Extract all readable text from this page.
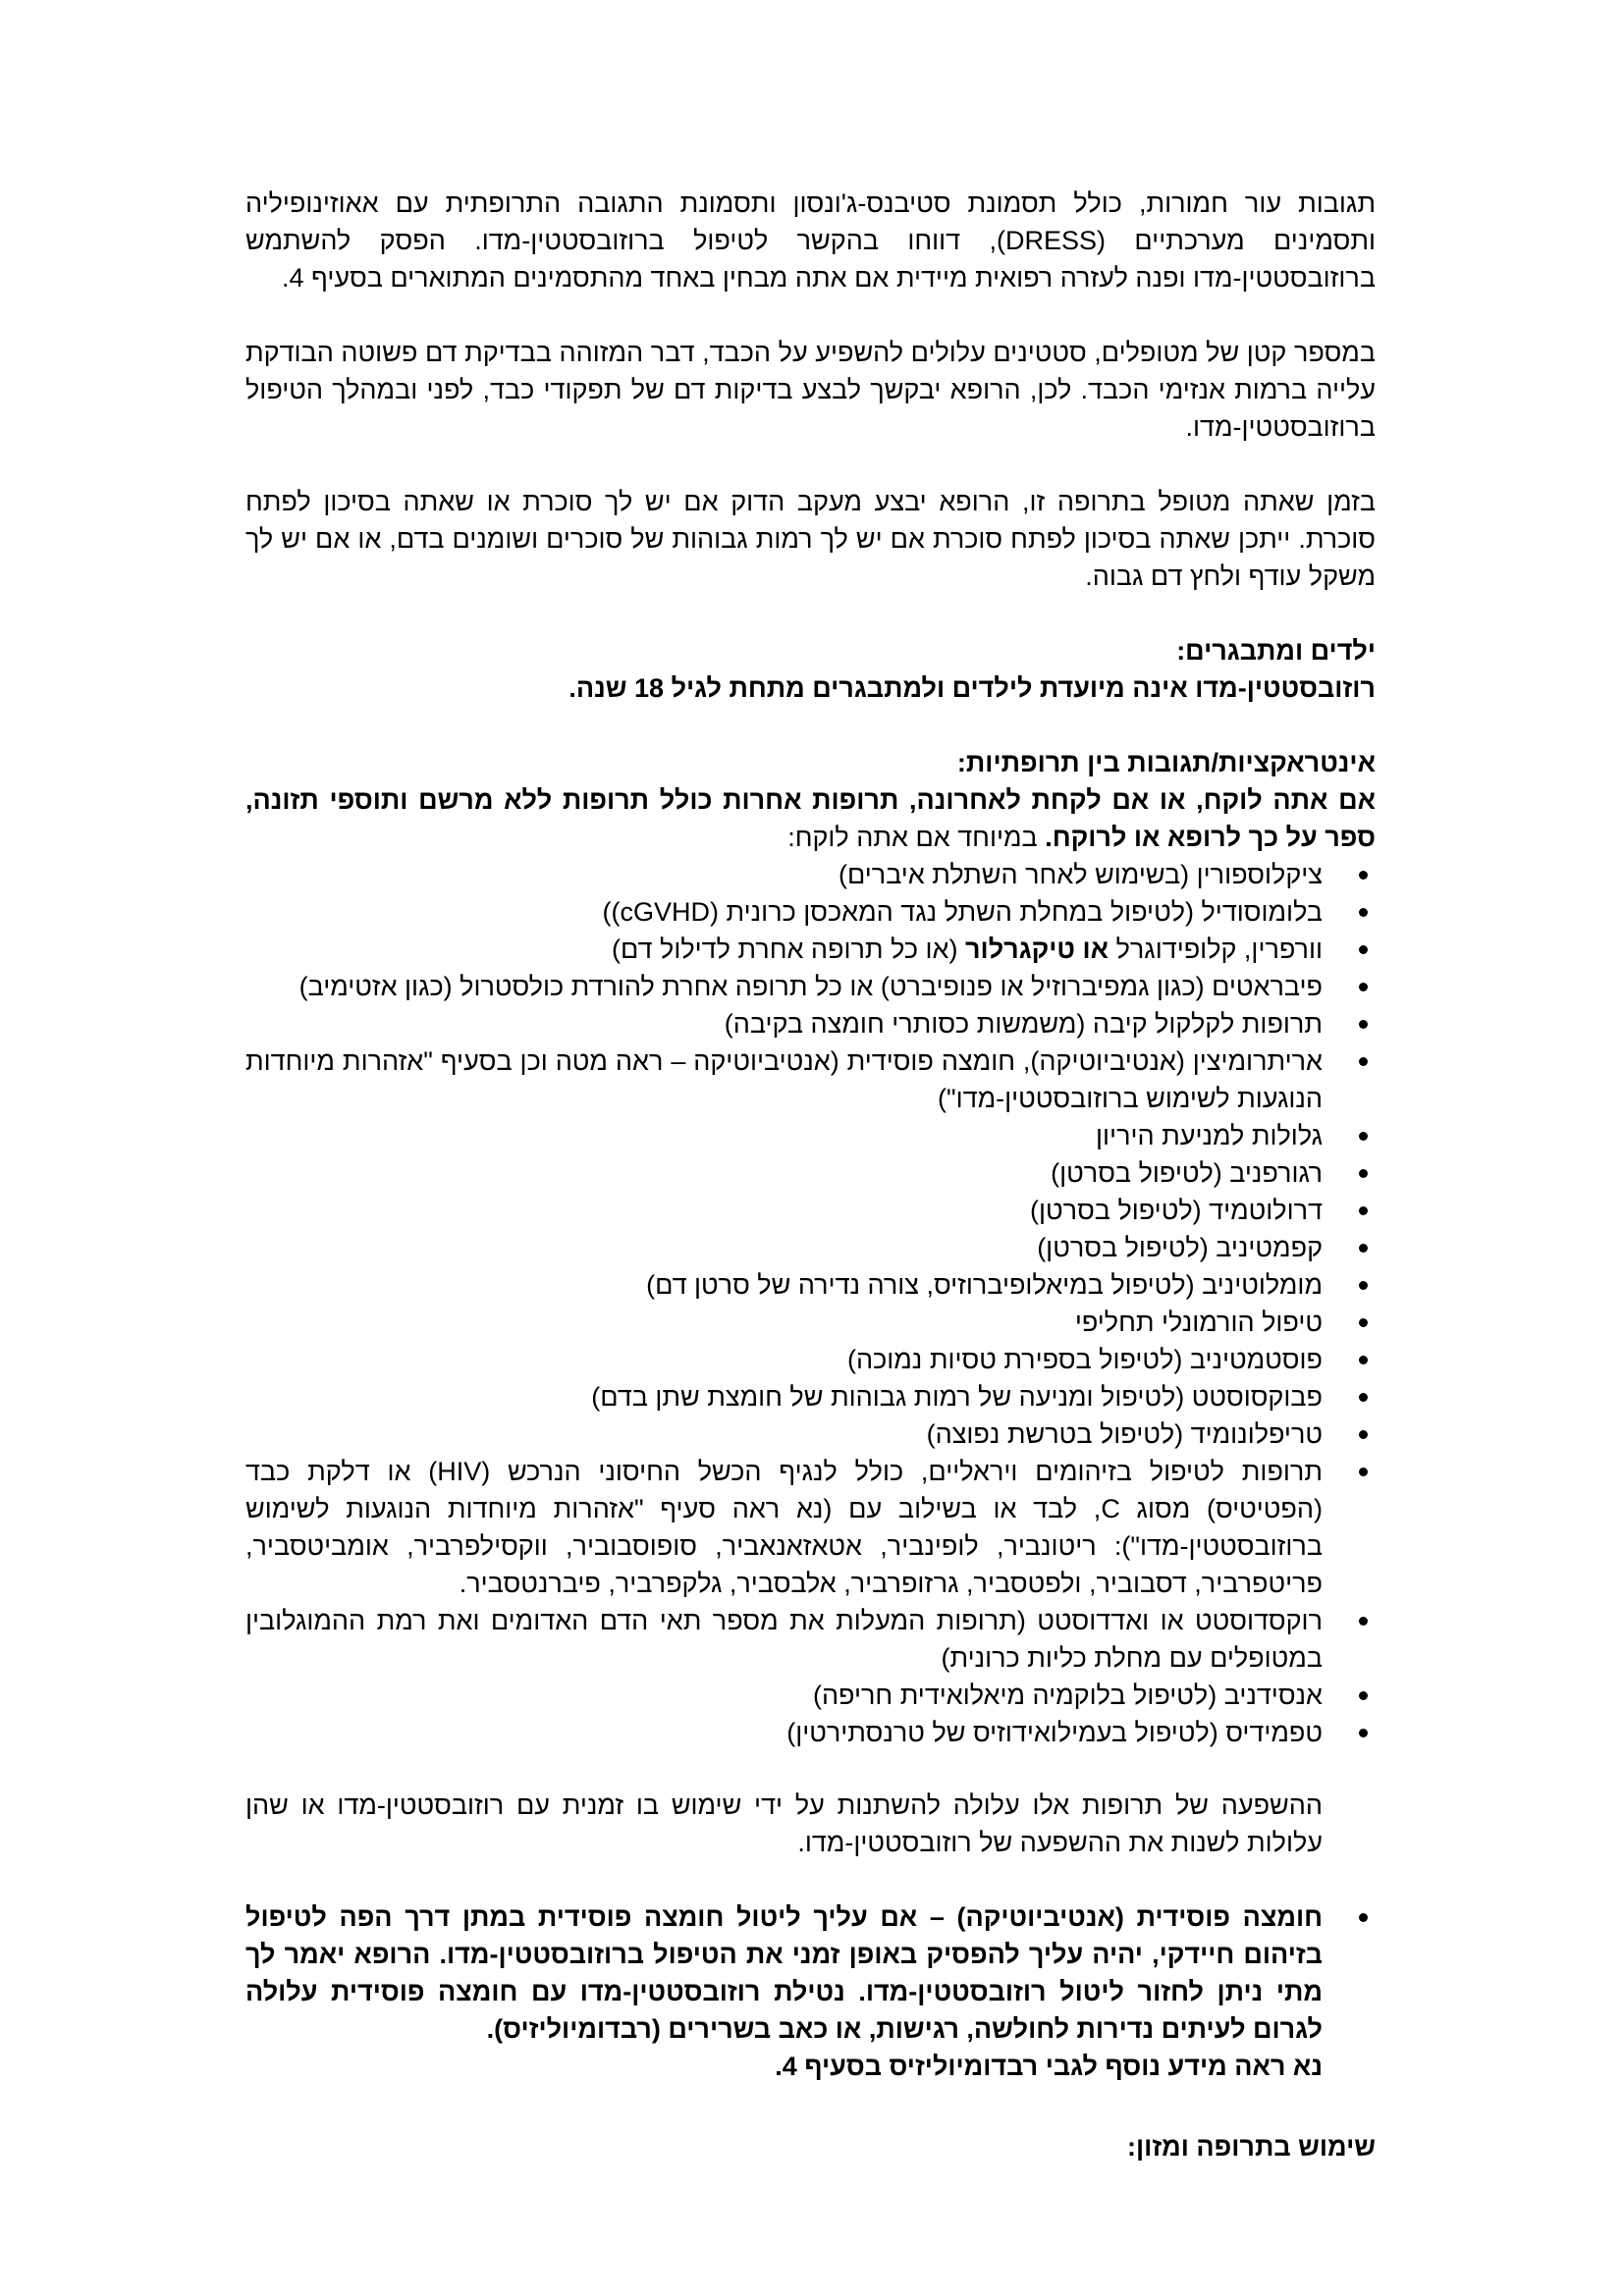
תגובות עור חמורות, כולל תסמונת סטיבנס-ג'ונסון ותסמונת התגובה התרופתית עם אאוזינופיליה ותסמינים מערכתיים (DRESS), דווחו בהקשר לטיפול ברוזובסטטין-מדו. הפסק להשתמש ברוזובסטטין-מדו ופנה לעזרה רפואית מיידית אם אתה מבחין באחד מהתסמינים המתוארים בסעיף 4.

במספר קטן של מטופלים, סטטינים עלולים להשפיע על הכבד, דבר המזוהה בבדיקת דם פשוטה הבודקת עלייה ברמות אנזימי הכבד. לכן, הרופא יבקשך לבצע בדיקות דם של תפקודי כבד, לפני ובמהלך הטיפול ברוזובסטטין-מדו.

בזמן שאתה מטופל בתרופה זו, הרופא יבצע מעקב הדוק אם יש לך סוכרת או שאתה בסיכון לפתח סוכרת. ייתכן שאתה בסיכון לפתח סוכרת אם יש לך רמות גבוהות של סוכרים ושומנים בדם, או אם יש לך משקל עודף ולחץ דם גבוה.

ילדים ומתבגרים:

רוזובסטטין-מדו אינה מיועדת לילדים ולמתבגרים מתחת לגיל 18 שנה.

אינטראקציות/תגובות בין תרופתיות:

אם אתה לוקח, או אם לקחת לאחרונה, תרופות אחרות כולל תרופות ללא מרשם ותוספי תזונה, ספר על כך לרופא או לרוקח. במיוחד אם אתה לוקח:

ציקלוספורין (בשימוש לאחר השתלת איברים)
בלומוסודיל (לטיפול במחלת השתל נגד המאכסן כרונית (cGVHD))
וורפרין, קלופידוגרל או טיקגרלור (או כל תרופה אחרת לדילול דם)
פיבראטים (כגון גמפיברוזיל או פנופיברט) או כל תרופה אחרת להורדת כולסטרול (כגון אזטימיב)
תרופות לקלקול קיבה (משמשות כסותרי חומצה בקיבה)
אריתרומיצין (אנטיביוטיקה), חומצה פוסידית (אנטיביוטיקה – ראה מטה וכן בסעיף "אזהרות מיוחדות הנוגעות לשימוש ברוזובסטטין-מדו")
גלולות למניעת היריון
רגורפניב (לטיפול בסרטן)
דרולוטמיד (לטיפול בסרטן)
קפמטיניב (לטיפול בסרטן)
מומלוטיניב (לטיפול במיאלופיברוזיס, צורה נדירה של סרטן דם)
טיפול הורמונלי תחליפי
פוסטמטיניב (לטיפול בספירת טסיות נמוכה)
פבוקסוסטט (לטיפול ומניעה של רמות גבוהות של חומצת שתן בדם)
טריפלונומיד (לטיפול בטרשת נפוצה)
תרופות לטיפול בזיהומים ויראליים, כולל לנגיף הכשל החיסוני הנרכש (HIV) או דלקת כבד (הפטיטיס) מסוג C, לבד או בשילוב עם (נא ראה סעיף "אזהרות מיוחדות הנוגעות לשימוש ברוזובסטטין-מדו"): ריטונביר, לופינביר, אטאזאנאביר, סופוסבוביר, ווקסילפרביר, אומביטסביר, פריטפרביר, דסבוביר, ולפטסביר, גרזופרביר, אלבסביר, גלקפרביר, פיברנטסביר.
רוקסדוסטט או ואדדוסטט (תרופות המעלות את מספר תאי הדם האדומים ואת רמת ההמוגלובין במטופלים עם מחלת כליות כרונית)
אנסידניב (לטיפול בלוקמיה מיאלואידית חריפה)
טפמידיס (לטיפול בעמילואידוזיס של טרנסתירטין)

ההשפעה של תרופות אלו עלולה להשתנות על ידי שימוש בו זמנית עם רוזובסטטין-מדו או שהן עלולות לשנות את ההשפעה של רוזובסטטין-מדו.

חומצה פוסידית (אנטיביוטיקה) – אם עליך ליטול חומצה פוסידית במתן דרך הפה לטיפול בזיהום חיידקי, יהיה עליך להפסיק באופן זמני את הטיפול ברוזובסטטין-מדו. הרופא יאמר לך מתי ניתן לחזור ליטול רוזובסטטין-מדו. נטילת רוזובסטטין-מדו עם חומצה פוסידית עלולה לגרום לעיתים נדירות לחולשה, רגישות, או כאב בשרירים (רבדומיוליזיס).

נא ראה מידע נוסף לגבי רבדומיוליזיס בסעיף 4.

שימוש בתרופה ומזון:
